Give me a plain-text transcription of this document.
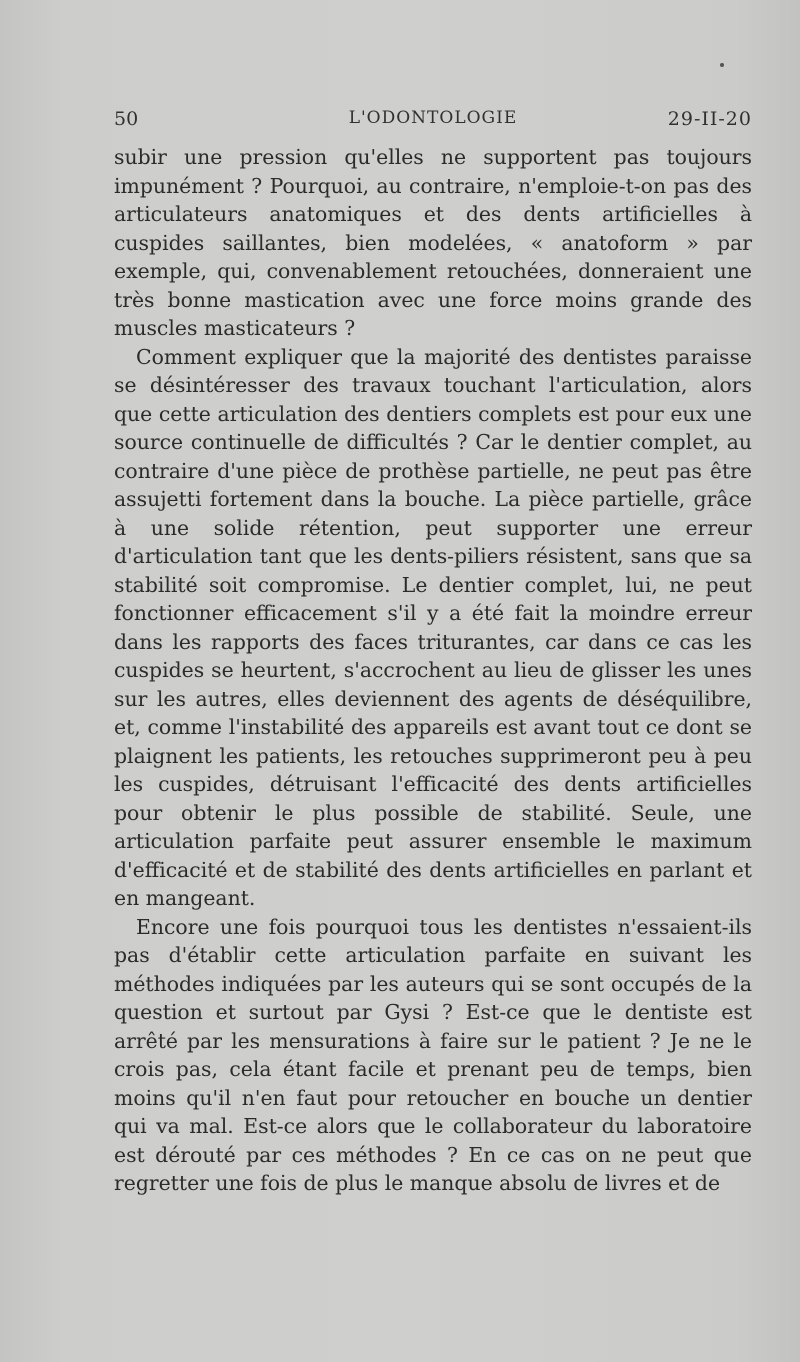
50	L'ODONTOLOGIE	29-II-20

subir une pression qu'elles ne supportent pas toujours impunément ? Pourquoi, au contraire, n'emploie-t-on pas des articulateurs anatomiques et des dents artificielles à cuspides saillantes, bien modelées, « anatoform » par exemple, qui, convenablement retouchées, donneraient une très bonne mastication avec une force moins grande des muscles masticateurs ?

Comment expliquer que la majorité des dentistes paraisse se désintéresser des travaux touchant l'articulation, alors que cette articulation des dentiers complets est pour eux une source continuelle de difficultés ? Car le dentier complet, au contraire d'une pièce de prothèse partielle, ne peut pas être assujetti fortement dans la bouche. La pièce partielle, grâce à une solide rétention, peut supporter une erreur d'articulation tant que les dents-piliers résistent, sans que sa stabilité soit compromise. Le dentier complet, lui, ne peut fonctionner efficacement s'il y a été fait la moindre erreur dans les rapports des faces triturantes, car dans ce cas les cuspides se heurtent, s'accrochent au lieu de glisser les unes sur les autres, elles deviennent des agents de déséquilibre, et, comme l'instabilité des appareils est avant tout ce dont se plaignent les patients, les retouches supprimeront peu à peu les cuspides, détruisant l'efficacité des dents artificielles pour obtenir le plus possible de stabilité. Seule, une articulation parfaite peut assurer ensemble le maximum d'efficacité et de stabilité des dents artificielles en parlant et en mangeant.

Encore une fois pourquoi tous les dentistes n'essaient-ils pas d'établir cette articulation parfaite en suivant les méthodes indiquées par les auteurs qui se sont occupés de la question et surtout par Gysi ? Est-ce que le dentiste est arrêté par les mensurations à faire sur le patient ? Je ne le crois pas, cela étant facile et prenant peu de temps, bien moins qu'il n'en faut pour retoucher en bouche un dentier qui va mal. Est-ce alors que le collaborateur du laboratoire est dérouté par ces méthodes ? En ce cas on ne peut que regretter une fois de plus le manque absolu de livres et de
